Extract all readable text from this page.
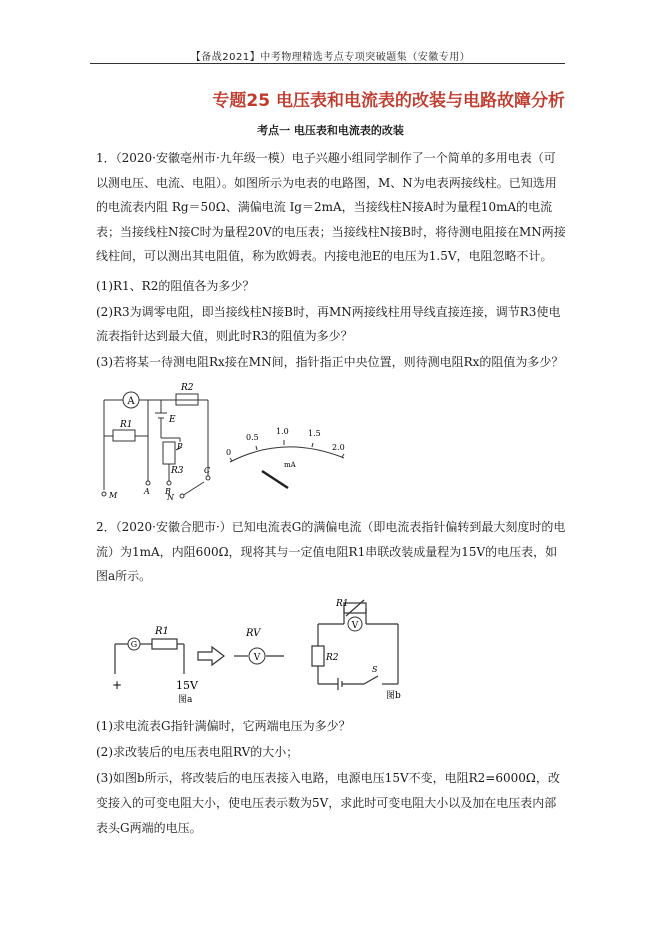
【备战2021】中考物理精选考点专项突破题集（安徽专用）
专题25 电压表和电流表的改装与电路故障分析
考点一 电压表和电流表的改装
1．（2020·安徽亳州市·九年级一模）电子兴趣小组同学制作了一个简单的多用电表（可以测电压、电流、电阻）。如图所示为电表的电路图，M、N为电表两接线柱。已知选用的电流表内阻 Rg＝50Ω、满偏电流 Ig＝2mA，当接线柱N接A时为量程10mA的电流表；当接线柱N接C时为量程20V的电压表；当接线柱N接B时，将待测电阻接在MN两接线柱间，可以测出其电阻值，称为欧姆表。内接电池E的电压为1.5V，电阻忽略不计。
(1)R1、R2的阻值各为多少？
(2)R3为调零电阻，即当接线柱N接B时，再MN两接线柱用导线直接连接，调节R3使电流表指针达到最大值，则此时R3的阻值为多少？
(3)若将某一待测电阻Rx接在MN间，指针指正中央位置，则待测电阻Rx的阻值为多少？
A
R1
R2
E
P
R3
M	A B
C
N
0
0.5
1.0 1.5
2.0
mA
2．（2020·安徽合肥市·）已知电流表G的满偏电流（即电流表指针偏转到最大刻度时的电流）为1mA，内阻600Ω，现将其与一定值电阻R1串联改装成量程为15V的电压表，如图a所示。
G
R1
+	15V
V
RV
图a
V
R1
R2
S
图b
(1)求电流表G指针满偏时，它两端电压为多少？
(2)求改装后的电压表电阻RV的大小；
(3)如图b所示，将改装后的电压表接入电路，电源电压15V不变，电阻R2=6000Ω，改变接入的可变电阻大小，使电压表示数为5V，求此时可变电阻大小以及加在电压表内部表头G两端的电压。
